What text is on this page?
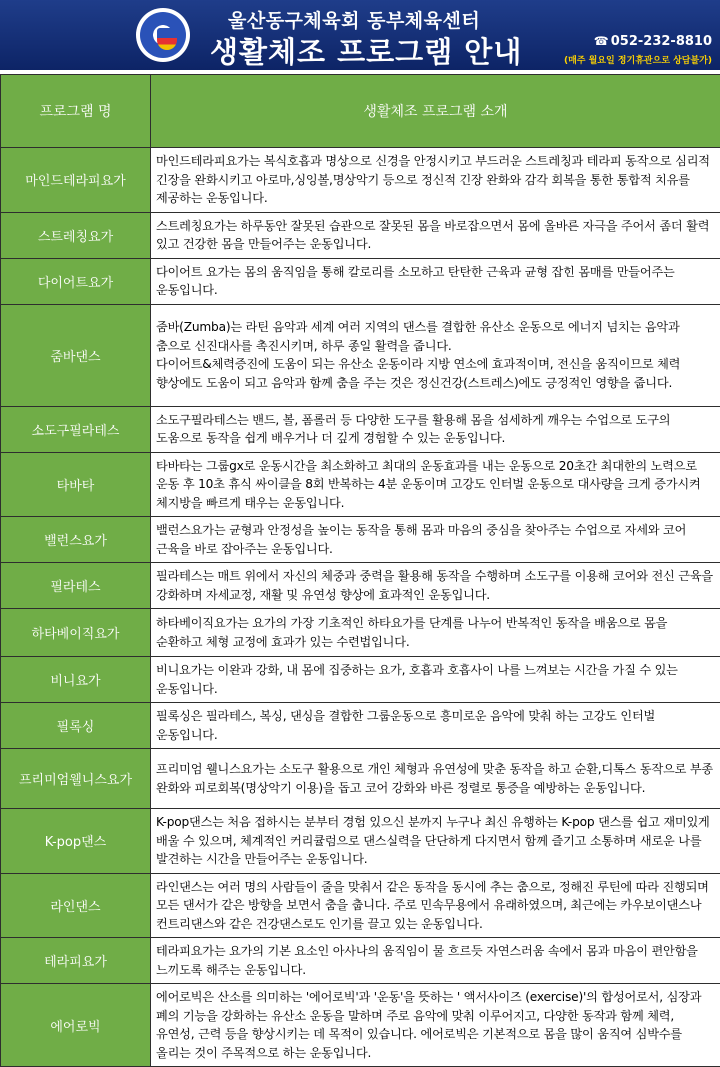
울산동구체육회 동부체육센터
생활체조 프로그램 안내	☎ 052-232-8810
(매주 월요일 정기휴관으로 상담불가)
프로그램 명	생활체조 프로그램 소개
마인드테라피요가	마인드테라피요가는 복식호흡과 명상으로 신경을 안정시키고 부드러운 스트레칭과 테라피 동작으로 심리적 긴장을 완화시키고 아로마,싱잉볼,명상악기 등으로 정신적 긴장 완화와 감각 회복을 통한 통합적 치유를 제공하는 운동입니다.

스트레칭요가	스트레칭요가는 하루동안 잘못된 습관으로 잘못된 몸을 바로잡으면서 몸에 올바른 자극을 주어서 좀더 활력 있고 건강한 몸을 만들어주는 운동입니다.

다이어트요가	다이어트 요가는 몸의 움직임을 통해 칼로리를 소모하고 탄탄한 근육과 균형 잡힌 몸매를 만들어주는 운동입니다.

줌바댄스	줌바(Zumba)는 라틴 음악과 세계 여러 지역의 댄스를 결합한 유산소 운동으로 에너지 넘치는 음악과 춤으로 신진대사를 촉진시키며, 하루 종일 활력을 줍니다.

다이어트&체력증진에 도움이 되는 유산소 운동이라 지방 연소에 효과적이며, 전신을 움직이므로 체력 향상에도 도움이 되고 음악과 함께 춤을 주는 것은 정신건강(스트레스)에도 긍정적인 영향을 줍니다.

소도구필라테스	소도구필라테스는 밴드, 볼, 폼롤러 등 다양한 도구를 활용해 몸을 섬세하게 깨우는 수업으로 도구의 도움으로 동작을 쉽게 배우거나 더 깊게 경험할 수 있는 운동입니다.

타바타	타바타는 그룹gx로 운동시간을 최소화하고 최대의 운동효과를 내는 운동으로 20초간 최대한의 노력으로 운동 후 10초 휴식 싸이클을 8회 반복하는 4분 운동이며 고강도 인터벌 운동으로 대사량을 크게 증가시켜 체지방을 빠르게 태우는 운동입니다.

밸런스요가	밸런스요가는 균형과 안정성을 높이는 동작을 통해 몸과 마음의 중심을 찾아주는 수업으로 자세와 코어 근육을 바로 잡아주는 운동입니다.

필라테스	필라테스는 매트 위에서 자신의 체중과 중력을 활용해 동작을 수행하며 소도구를 이용해 코어와 전신 근육을 강화하며 자세교정, 재활 및 유연성 향상에 효과적인 운동입니다.

하타베이직요가	하타베이직요가는 요가의 가장 기초적인 하타요가를 단계를 나누어 반복적인 동작을 배움으로 몸을 순환하고 체형 교정에 효과가 있는 수련법입니다.

비니요가	비니요가는 이완과 강화, 내 몸에 집중하는 요가, 호흡과 호흡사이 나를 느껴보는 시간을 가질 수 있는 운동입니다.

필록싱	필록싱은 필라테스, 복싱, 댄싱을 결합한 그룹운동으로 흥미로운 음악에 맞춰 하는 고강도 인터벌 운동입니다.

프리미엄웰니스요가	프리미엄 웰니스요가는 소도구 활용으로 개인 체형과 유연성에 맞춘 동작을 하고 순환,디톡스 동작으로 부종 완화와 피로회복(명상악기 이용)을 돕고 코어 강화와 바른 정렬로 통증을 예방하는 운동입니다.

K-pop댄스	K-pop댄스는 처음 접하시는 분부터 경험 있으신 분까지 누구나 최신 유행하는 K-pop 댄스를 쉽고 재미있게 배울 수 있으며, 체계적인 커리큘럼으로 댄스실력을 단단하게 다지면서 함께 즐기고 소통하며 새로운 나를 발견하는 시간을 만들어주는 운동입니다.

라인댄스	라인댄스는 여러 명의 사람들이 줄을 맞춰서 같은 동작을 동시에 추는 춤으로, 정해진 루틴에 따라 진행되며 모든 댄서가 같은 방향을 보면서 춤을 춥니다. 주로 민속무용에서 유래하였으며, 최근에는 카우보이댄스나 컨트리댄스와 같은 건강댄스로도 인기를 끌고 있는 운동입니다.

테라피요가	테라피요가는 요가의 기본 요소인 아사나의 움직임이 물 흐르듯 자연스러움 속에서 몸과 마음이 편안함을 느끼도록 해주는 운동입니다.

에어로빅	에어로빅은 산소를 의미하는 '에어로빅'과 '운동'을 뜻하는 ' 액서사이즈 (exercise)'의 합성어로서, 심장과 폐의 기능을 강화하는 유산소 운동을 말하며 주로 음악에 맞춰 이루어지고, 다양한 동작과 함께 체력, 유연성, 근력 등을 향상시키는 데 목적이 있습니다. 에어로빅은 기본적으로 몸을 많이 움직여 심박수를 올리는 것이 주목적으로 하는 운동입니다.
